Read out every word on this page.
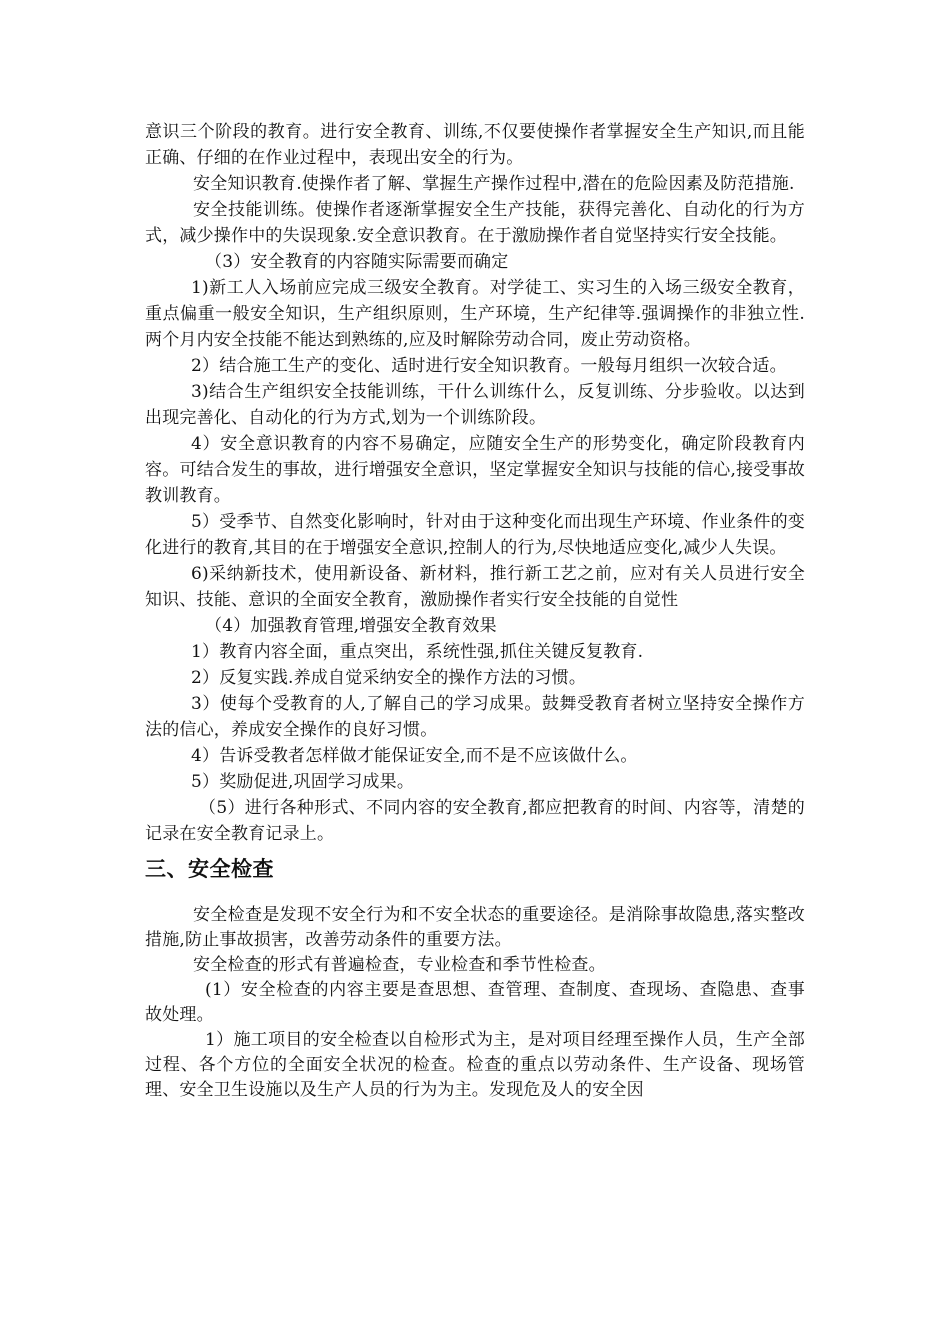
意识三个阶段的教育。进行安全教育、训练,不仅要使操作者掌握安全生产知识,而且能正确、仔细的在作业过程中，表现出安全的行为。

安全知识教育.使操作者了解、掌握生产操作过程中,潜在的危险因素及防范措施.

安全技能训练。使操作者逐渐掌握安全生产技能，获得完善化、自动化的行为方式，减少操作中的失误现象.安全意识教育。在于激励操作者自觉坚持实行安全技能。

（3）安全教育的内容随实际需要而确定

1)新工人入场前应完成三级安全教育。对学徒工、实习生的入场三级安全教育，重点偏重一般安全知识，生产组织原则，生产环境，生产纪律等.强调操作的非独立性.两个月内安全技能不能达到熟练的,应及时解除劳动合同，废止劳动资格。

2）结合施工生产的变化、适时进行安全知识教育。一般每月组织一次较合适。

3)结合生产组织安全技能训练，干什么训练什么，反复训练、分步验收。以达到出现完善化、自动化的行为方式,划为一个训练阶段。

4）安全意识教育的内容不易确定，应随安全生产的形势变化，确定阶段教育内容。可结合发生的事故，进行增强安全意识，坚定掌握安全知识与技能的信心,接受事故教训教育。

5）受季节、自然变化影响时，针对由于这种变化而出现生产环境、作业条件的变化进行的教育,其目的在于增强安全意识,控制人的行为,尽快地适应变化,减少人失误。

6)采纳新技术，使用新设备、新材料，推行新工艺之前，应对有关人员进行安全知识、技能、意识的全面安全教育，激励操作者实行安全技能的自觉性

（4）加强教育管理,增强安全教育效果

1）教育内容全面，重点突出，系统性强,抓住关键反复教育.

2）反复实践.养成自觉采纳安全的操作方法的习惯。

3）使每个受教育的人,了解自己的学习成果。鼓舞受教育者树立坚持安全操作方法的信心，养成安全操作的良好习惯。

4）告诉受教者怎样做才能保证安全,而不是不应该做什么。

5）奖励促进,巩固学习成果。

（5）进行各种形式、不同内容的安全教育,都应把教育的时间、内容等，清楚的记录在安全教育记录上。

三、安全检查

安全检查是发现不安全行为和不安全状态的重要途径。是消除事故隐患,落实整改措施,防止事故损害，改善劳动条件的重要方法。

安全检查的形式有普遍检查，专业检查和季节性检查。

(1）安全检查的内容主要是查思想、查管理、查制度、查现场、查隐患、查事故处理。

1）施工项目的安全检查以自检形式为主，是对项目经理至操作人员，生产全部过程、各个方位的全面安全状况的检查。检查的重点以劳动条件、生产设备、现场管理、安全卫生设施以及生产人员的行为为主。发现危及人的安全因
